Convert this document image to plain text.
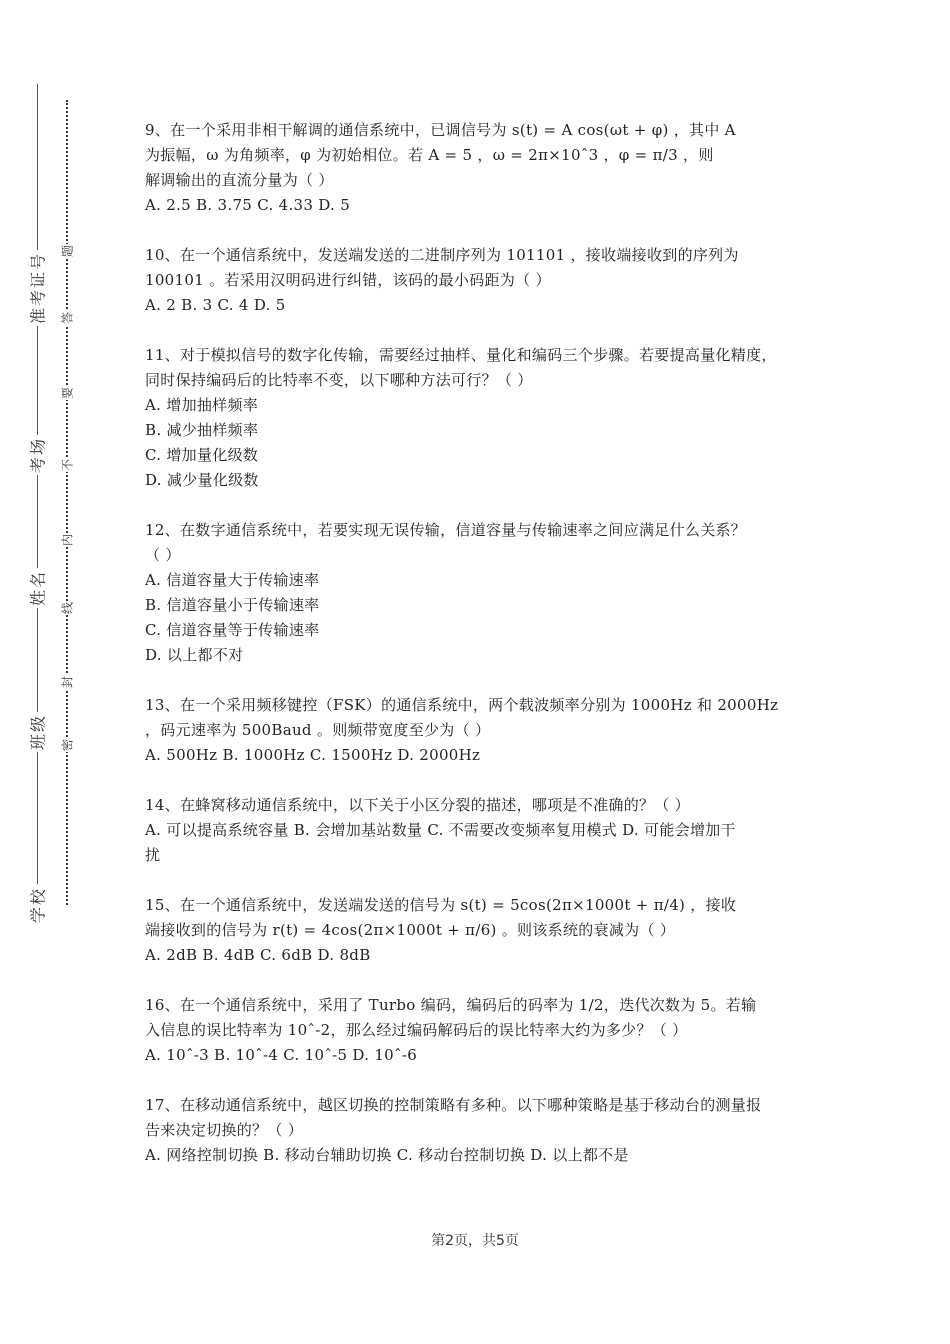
准考证号
考场
姓名
班级
学校
题
答
要
不
内
线
封
密
9、在一个采用非相干解调的通信系统中，已调信号为 s(t) = A cos(ωt + φ) ，其中 A
为振幅，ω 为角频率，φ 为初始相位。若 A = 5 ，ω = 2π×10ˆ3 ，φ = π/3 ，则
解调输出的直流分量为（ ）
A. 2.5 B. 3.75 C. 4.33 D. 5
10、在一个通信系统中，发送端发送的二进制序列为 101101 ，接收端接收到的序列为
100101 。若采用汉明码进行纠错，该码的最小码距为（ ）
A. 2 B. 3 C. 4 D. 5
11、对于模拟信号的数字化传输，需要经过抽样、量化和编码三个步骤。若要提高量化精度，
同时保持编码后的比特率不变，以下哪种方法可行？（ ）
A. 增加抽样频率
B. 减少抽样频率
C. 增加量化级数
D. 减少量化级数
12、在数字通信系统中，若要实现无误传输，信道容量与传输速率之间应满足什么关系？
（ ）
A. 信道容量大于传输速率
B. 信道容量小于传输速率
C. 信道容量等于传输速率
D. 以上都不对
13、在一个采用频移键控（FSK）的通信系统中，两个载波频率分别为 1000Hz 和 2000Hz
，码元速率为 500Baud 。则频带宽度至少为（ ）
A. 500Hz B. 1000Hz C. 1500Hz D. 2000Hz
14、在蜂窝移动通信系统中，以下关于小区分裂的描述，哪项是不准确的？（ ）
A. 可以提高系统容量 B. 会增加基站数量 C. 不需要改变频率复用模式 D. 可能会增加干
扰
15、在一个通信系统中，发送端发送的信号为 s(t) = 5cos(2π×1000t + π/4) ，接收
端接收到的信号为 r(t) = 4cos(2π×1000t + π/6) 。则该系统的衰减为（ ）
A. 2dB B. 4dB C. 6dB D. 8dB
16、在一个通信系统中，采用了 Turbo 编码，编码后的码率为 1/2，迭代次数为 5。若输
入信息的误比特率为 10ˆ-2，那么经过编码解码后的误比特率大约为多少？（ ）
A. 10ˆ-3 B. 10ˆ-4 C. 10ˆ-5 D. 10ˆ-6
17、在移动通信系统中，越区切换的控制策略有多种。以下哪种策略是基于移动台的测量报
告来决定切换的？（ ）
A. 网络控制切换 B. 移动台辅助切换 C. 移动台控制切换 D. 以上都不是
第2页，共5页
